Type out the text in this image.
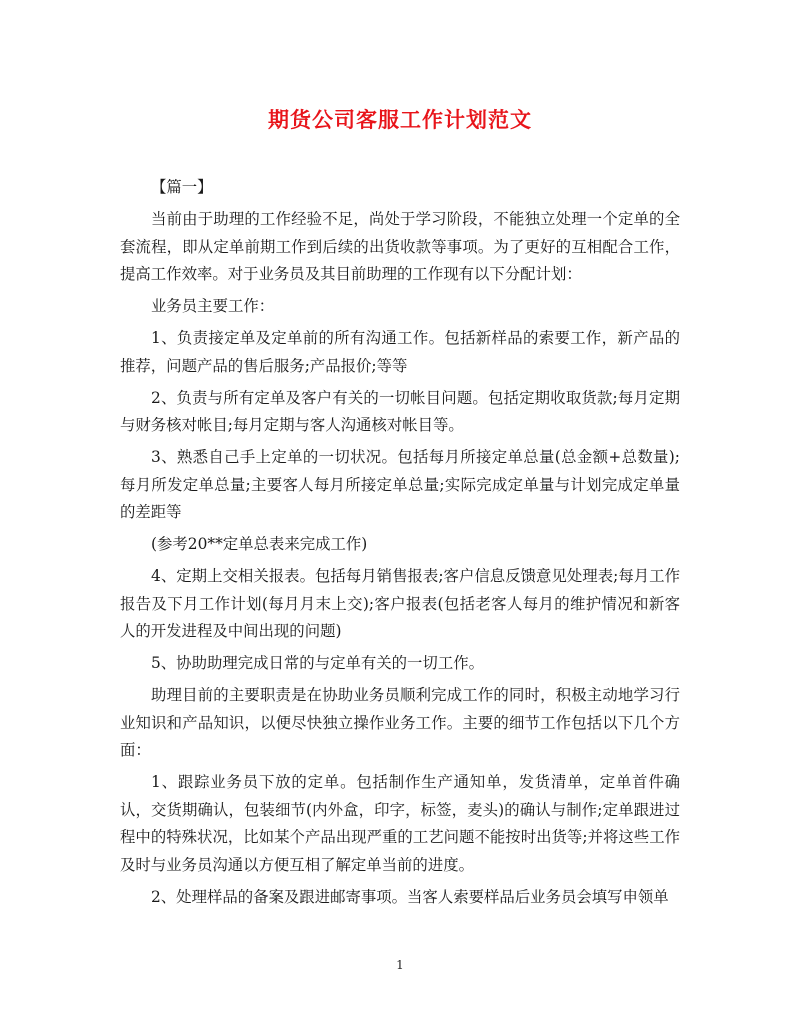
期货公司客服工作计划范文

【篇一】

当前由于助理的工作经验不足，尚处于学习阶段，不能独立处理一个定单的全套流程，即从定单前期工作到后续的出货收款等事项。为了更好的互相配合工作，提高工作效率。对于业务员及其目前助理的工作现有以下分配计划：

业务员主要工作：

1、负责接定单及定单前的所有沟通工作。包括新样品的索要工作，新产品的推荐，问题产品的售后服务;产品报价;等等

2、负责与所有定单及客户有关的一切帐目问题。包括定期收取货款;每月定期与财务核对帐目;每月定期与客人沟通核对帐目等。

3、熟悉自己手上定单的一切状况。包括每月所接定单总量(总金额+总数量);每月所发定单总量;主要客人每月所接定单总量;实际完成定单量与计划完成定单量的差距等

(参考20**定单总表来完成工作)

4、定期上交相关报表。包括每月销售报表;客户信息反馈意见处理表;每月工作报告及下月工作计划(每月月末上交);客户报表(包括老客人每月的维护情况和新客人的开发进程及中间出现的问题)

5、协助助理完成日常的与定单有关的一切工作。

助理目前的主要职责是在协助业务员顺利完成工作的同时，积极主动地学习行业知识和产品知识，以便尽快独立操作业务工作。主要的细节工作包括以下几个方面：

1、跟踪业务员下放的定单。包括制作生产通知单，发货清单，定单首件确认，交货期确认，包装细节(内外盒，印字，标签，麦头)的确认与制作;定单跟进过程中的特殊状况，比如某个产品出现严重的工艺问题不能按时出货等;并将这些工作及时与业务员沟通以方便互相了解定单当前的进度。

2、处理样品的备案及跟进邮寄事项。当客人索要样品后业务员会填写申领单

1
